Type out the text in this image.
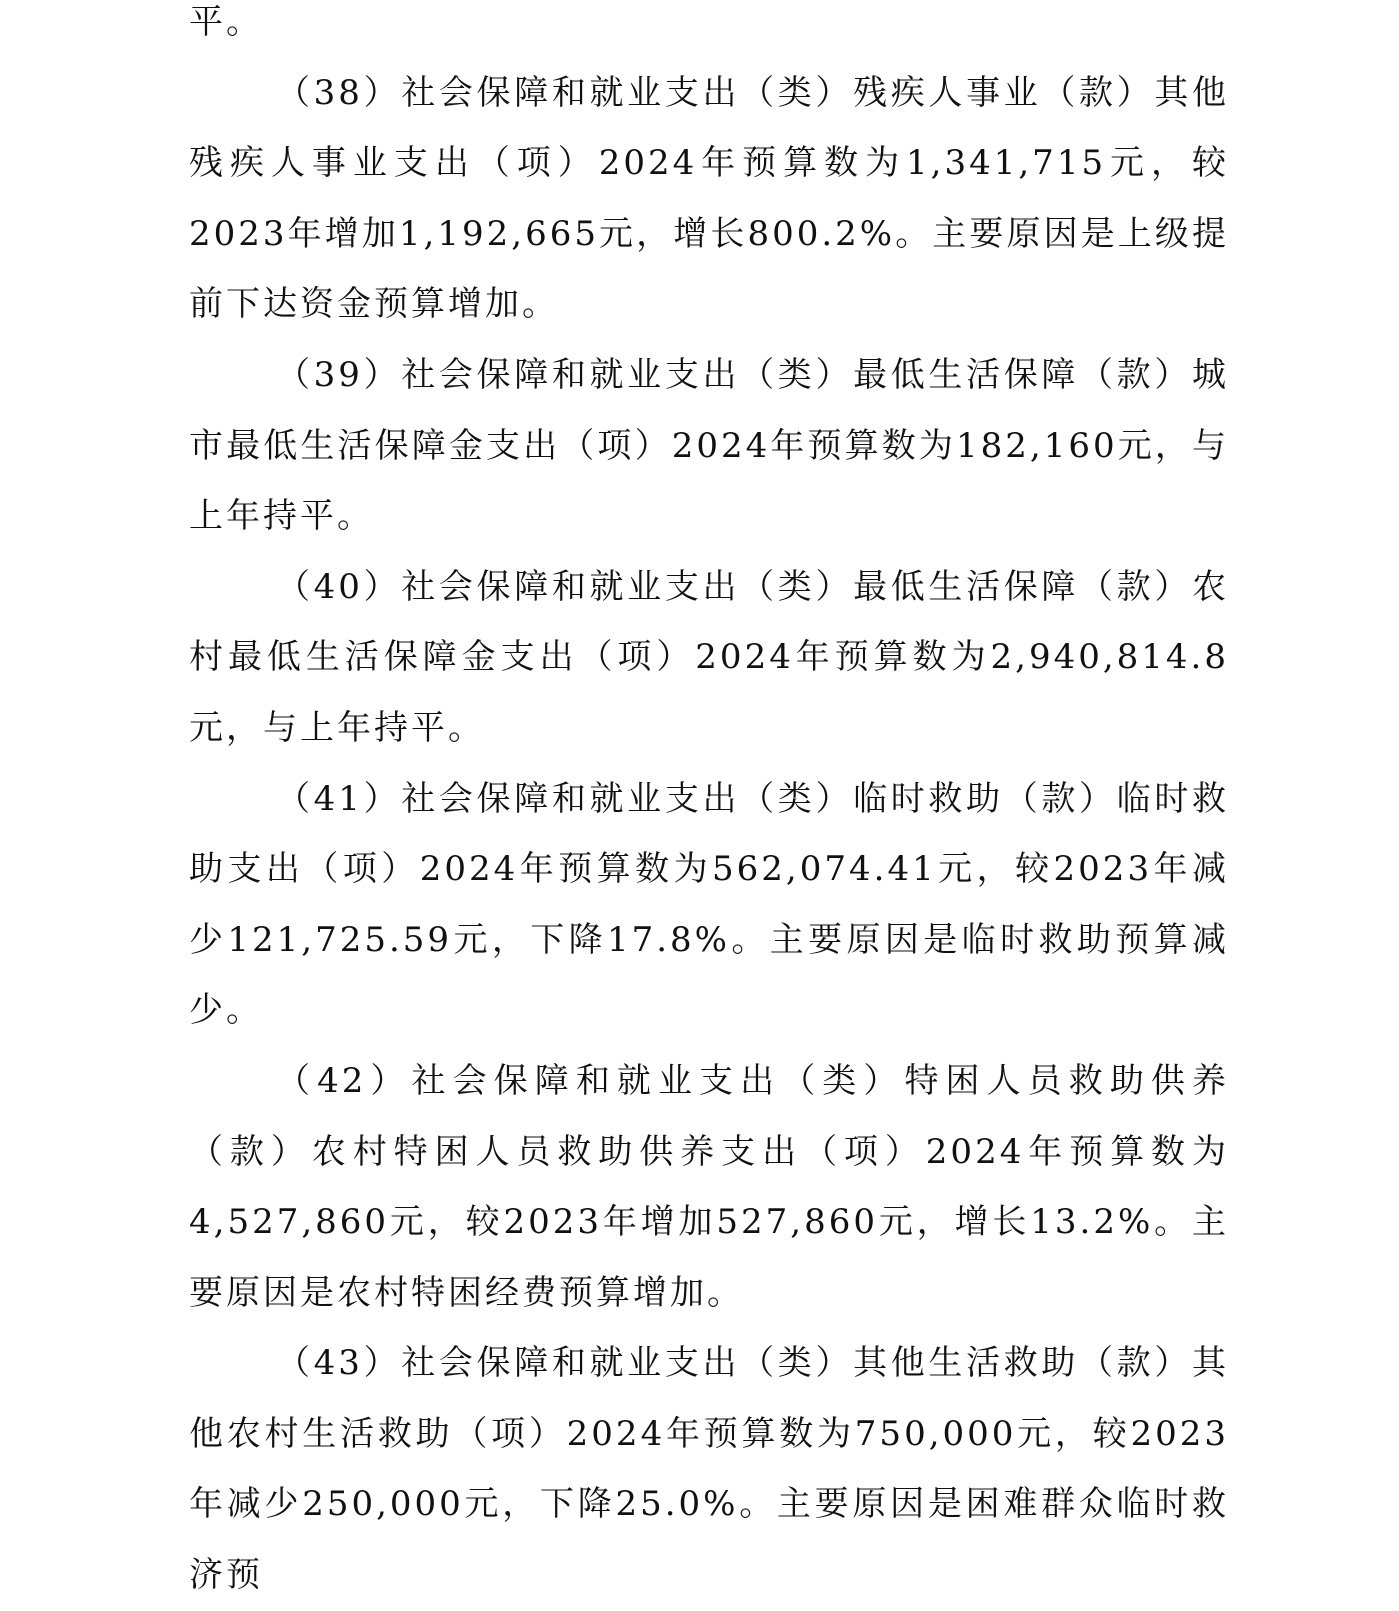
平。

（38）社会保障和就业支出（类）残疾人事业（款）其他残疾人事业支出（项）2024年预算数为1,341,715元，较2023年增加1,192,665元，增长800.2%。主要原因是上级提前下达资金预算增加。

（39）社会保障和就业支出（类）最低生活保障（款）城市最低生活保障金支出（项）2024年预算数为182,160元，与上年持平。

（40）社会保障和就业支出（类）最低生活保障（款）农村最低生活保障金支出（项）2024年预算数为2,940,814.8元，与上年持平。

（41）社会保障和就业支出（类）临时救助（款）临时救助支出（项）2024年预算数为562,074.41元，较2023年减少121,725.59元，下降17.8%。主要原因是临时救助预算减少。

（42）社会保障和就业支出（类）特困人员救助供养（款）农村特困人员救助供养支出（项）2024年预算数为4,527,860元，较2023年增加527,860元，增长13.2%。主要原因是农村特困经费预算增加。

（43）社会保障和就业支出（类）其他生活救助（款）其他农村生活救助（项）2024年预算数为750,000元，较2023年减少250,000元，下降25.0%。主要原因是困难群众临时救济预
